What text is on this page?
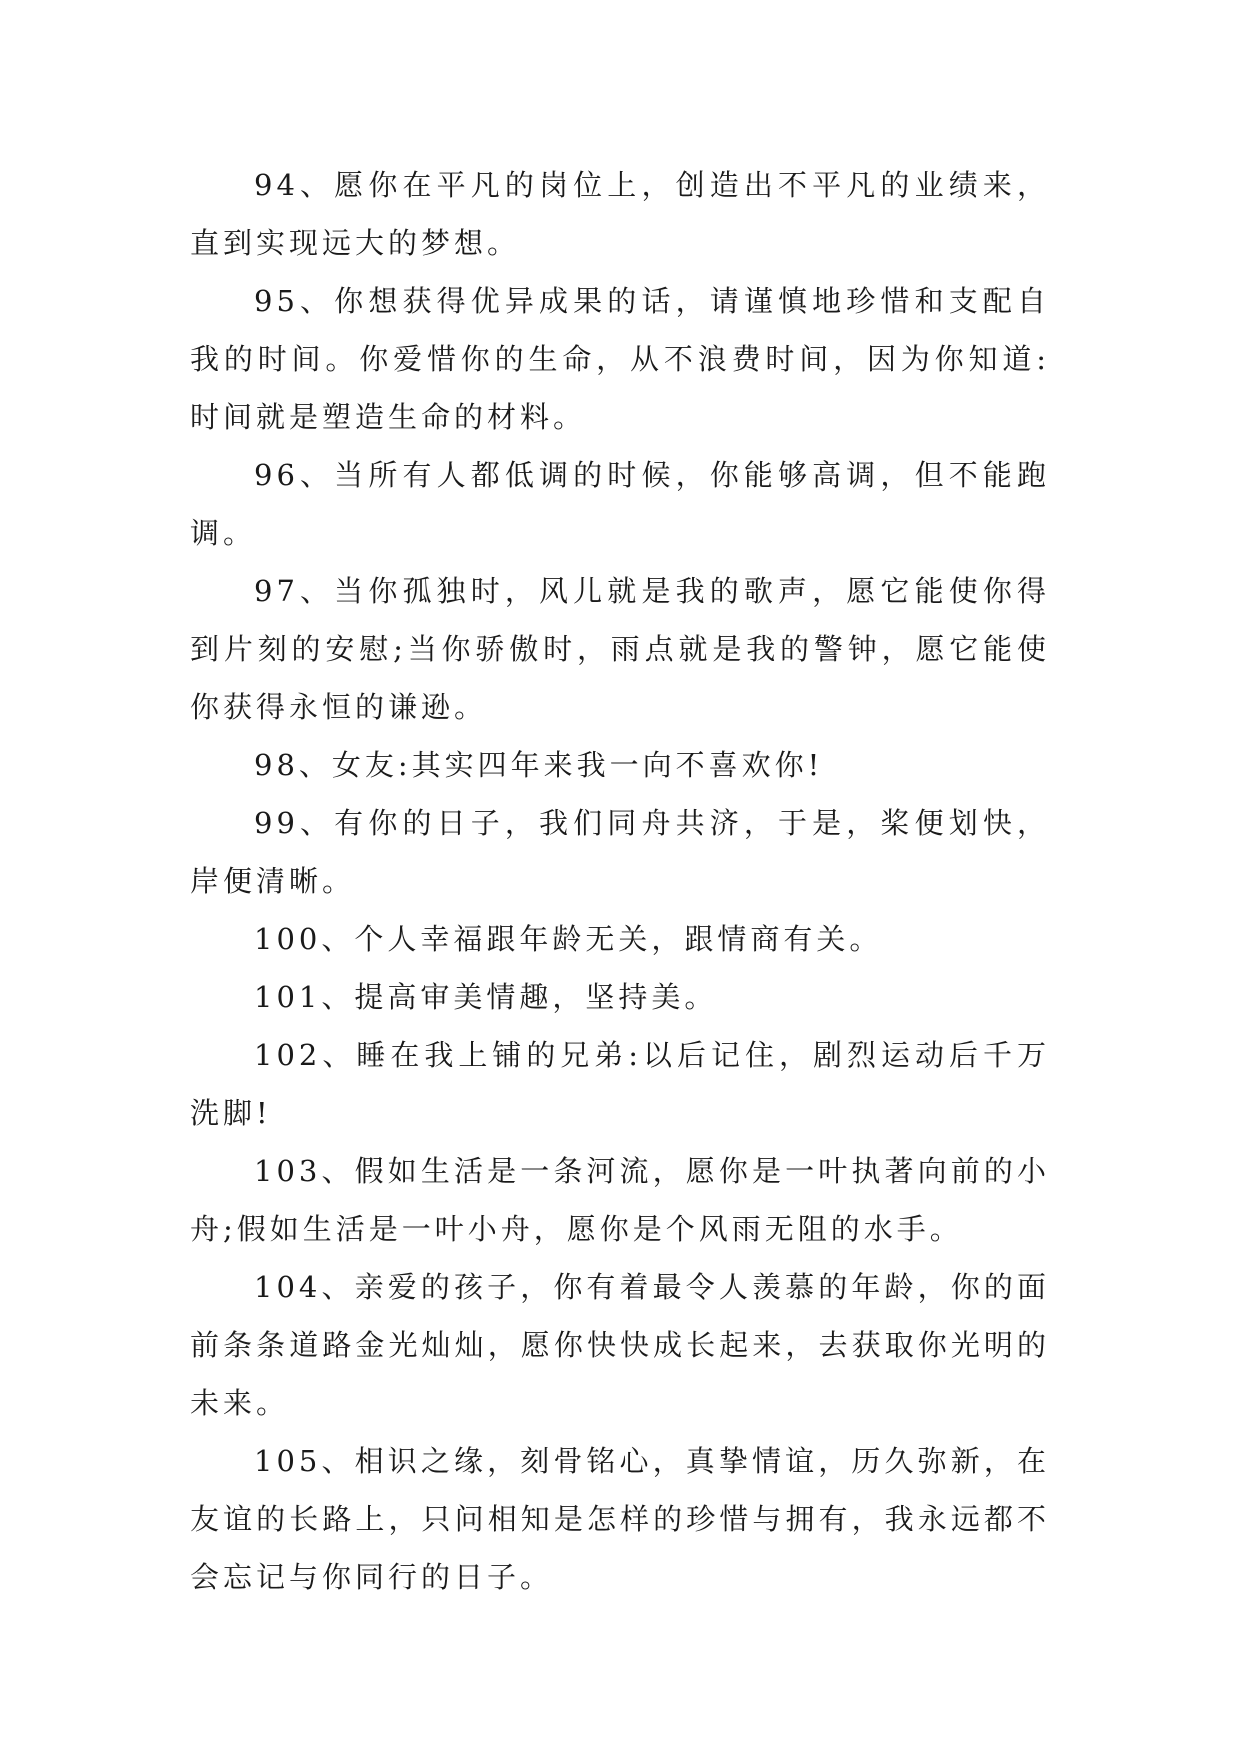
94、愿你在平凡的岗位上，创造出不平凡的业绩来，直到实现远大的梦想。

95、你想获得优异成果的话，请谨慎地珍惜和支配自我的时间。你爱惜你的生命，从不浪费时间，因为你知道:时间就是塑造生命的材料。

96、当所有人都低调的时候，你能够高调，但不能跑调。

97、当你孤独时，风儿就是我的歌声，愿它能使你得到片刻的安慰;当你骄傲时，雨点就是我的警钟，愿它能使你获得永恒的谦逊。

98、女友:其实四年来我一向不喜欢你!

99、有你的日子，我们同舟共济，于是，桨便划快，岸便清晰。

100、个人幸福跟年龄无关，跟情商有关。

101、提高审美情趣，坚持美。

102、睡在我上铺的兄弟:以后记住，剧烈运动后千万洗脚!

103、假如生活是一条河流，愿你是一叶执著向前的小舟;假如生活是一叶小舟，愿你是个风雨无阻的水手。

104、亲爱的孩子，你有着最令人羡慕的年龄，你的面前条条道路金光灿灿，愿你快快成长起来，去获取你光明的未来。

105、相识之缘，刻骨铭心，真挚情谊，历久弥新，在友谊的长路上，只问相知是怎样的珍惜与拥有，我永远都不会忘记与你同行的日子。
